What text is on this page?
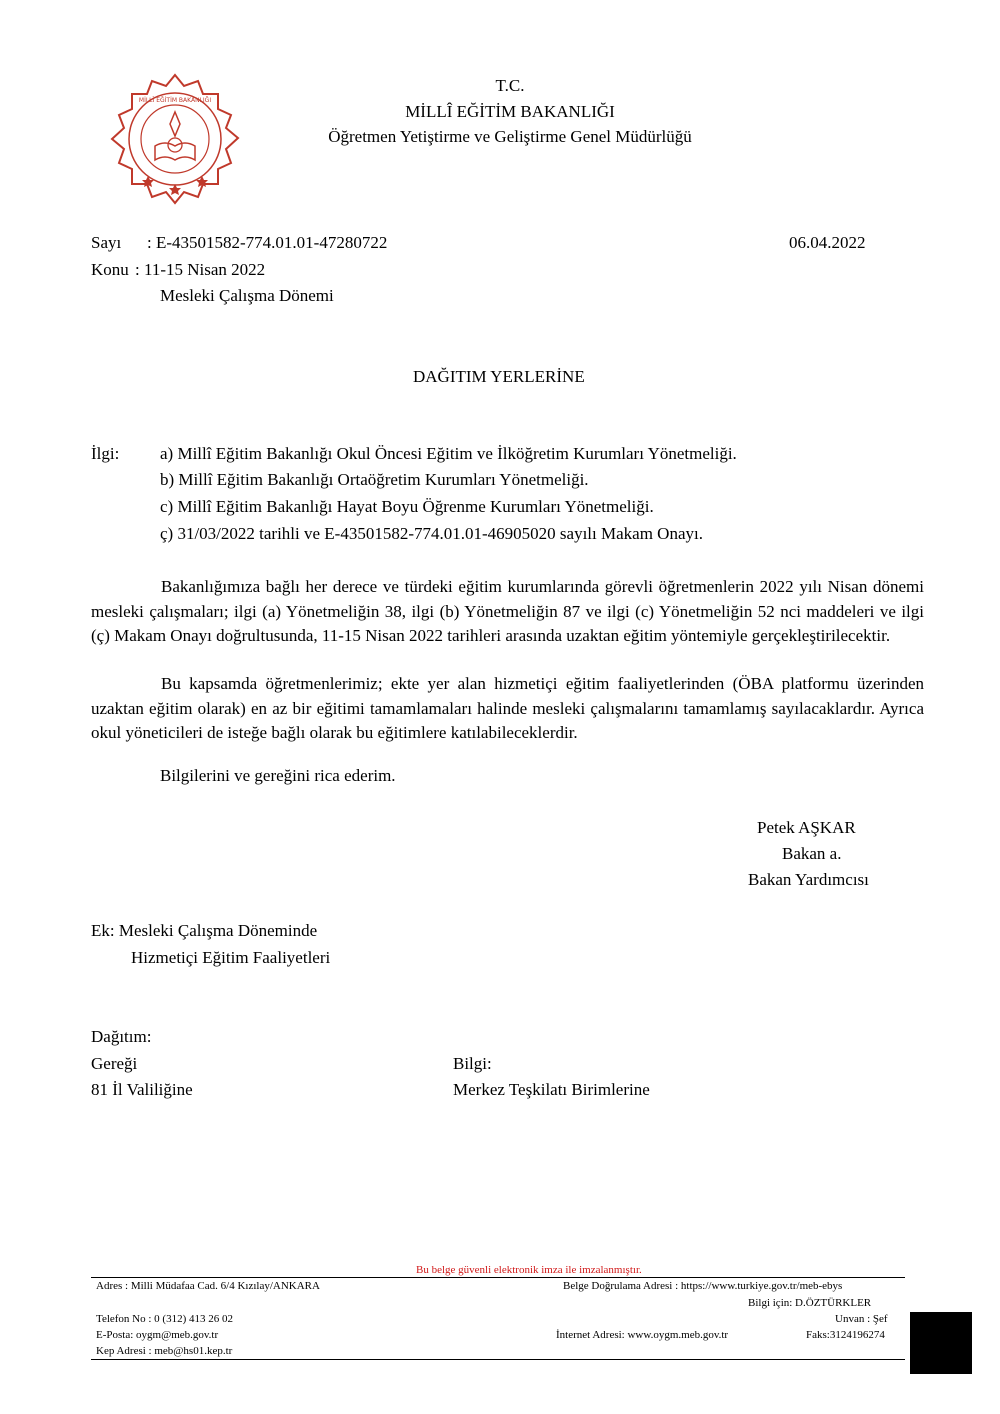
MİLLÎ EĞİTİM BAKANLIĞI
T.C.
MİLLÎ EĞİTİM BAKANLIĞI
Öğretmen Yetiştirme ve Geliştirme Genel Müdürlüğü
Sayı : E-43501582-774.01.01-47280722	06.04.2022
Konu : 11-15 Nisan 2022
Mesleki Çalışma Dönemi
DAĞITIM YERLERİNE
İlgi: a) Millî Eğitim Bakanlığı Okul Öncesi Eğitim ve İlköğretim Kurumları Yönetmeliği.
b) Millî Eğitim Bakanlığı Ortaöğretim Kurumları Yönetmeliği.
c) Millî Eğitim Bakanlığı Hayat Boyu Öğrenme Kurumları Yönetmeliği.
ç) 31/03/2022 tarihli ve E-43501582-774.01.01-46905020 sayılı Makam Onayı.
Bakanlığımıza bağlı her derece ve türdeki eğitim kurumlarında görevli öğretmenlerin 2022 yılı Nisan dönemi mesleki çalışmaları; ilgi (a) Yönetmeliğin 38, ilgi (b) Yönetmeliğin 87 ve ilgi (c) Yönetmeliğin 52 nci maddeleri ve ilgi (ç) Makam Onayı doğrultusunda, 11-15 Nisan 2022 tarihleri arasında uzaktan eğitim yöntemiyle gerçekleştirilecektir.
Bu kapsamda öğretmenlerimiz; ekte yer alan hizmetiçi eğitim faaliyetlerinden (ÖBA platformu üzerinden uzaktan eğitim olarak) en az bir eğitimi tamamlamaları halinde mesleki çalışmalarını tamamlamış sayılacaklardır. Ayrıca okul yöneticileri de isteğe bağlı olarak bu eğitimlere katılabileceklerdir.
Bilgilerini ve gereğini rica ederim.
Petek AŞKAR
Bakan a.
Bakan Yardımcısı
Ek: Mesleki Çalışma Döneminde
Hizmetiçi Eğitim Faaliyetleri
Dağıtım:
Gereği
81 İl Valiliğine
Bilgi:
Merkez Teşkilatı Birimlerine
Bu belge güvenli elektronik imza ile imzalanmıştır.
Adres : Milli Müdafaa Cad. 6/4 Kızılay/ANKARA	Belge Doğrulama Adresi : https://www.turkiye.gov.tr/meb-ebys
Bilgi için: D.ÖZTÜRKLER
Telefon No : 0 (312) 413 26 02	Unvan : Şef
E-Posta: oygm@meb.gov.tr	İnternet Adresi: www.oygm.meb.gov.tr	Faks:3124196274
Kep Adresi : meb@hs01.kep.tr
